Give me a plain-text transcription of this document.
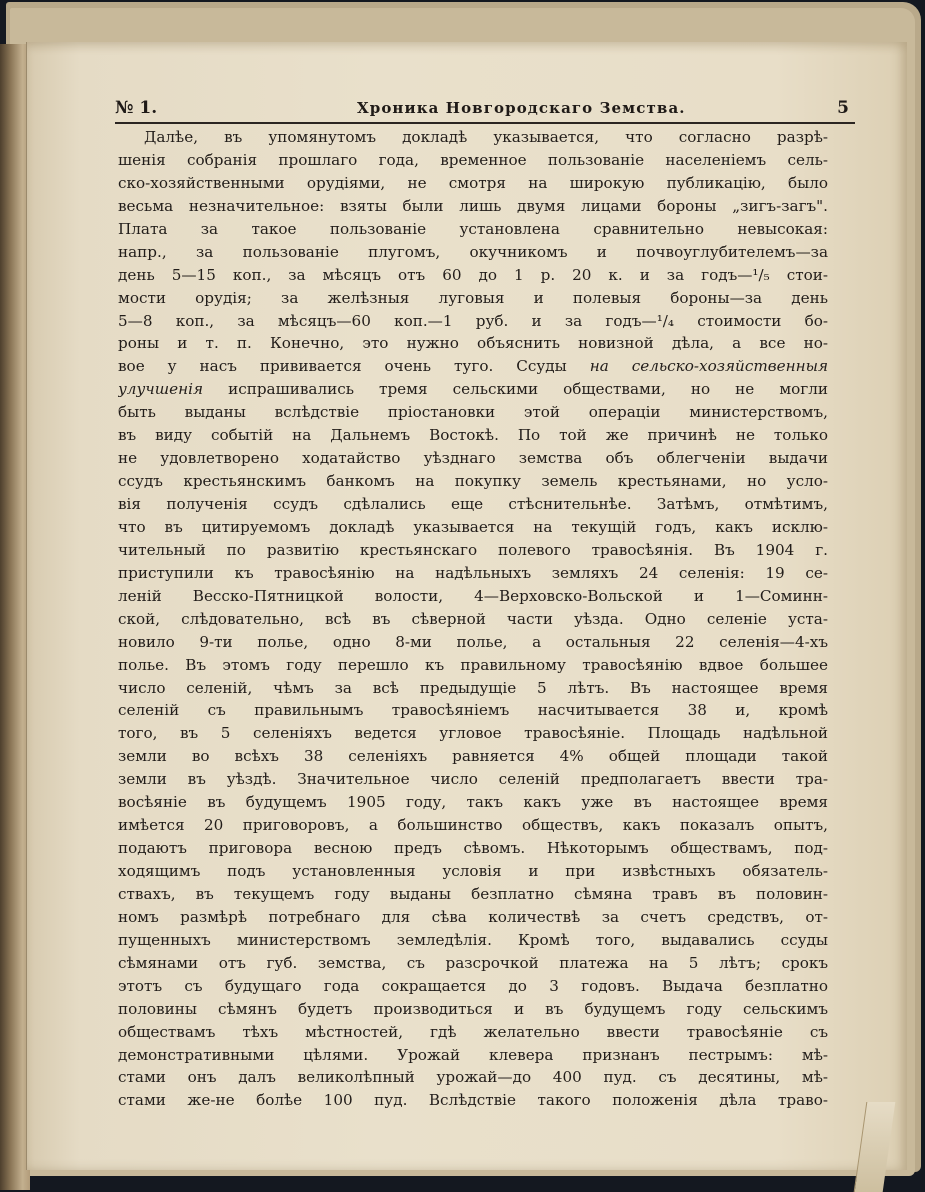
№ 1.	Хроника Новгородскаго Земства.	5
Далѣе, въ упомянутомъ докладѣ указывается, что согласно разрѣ-
шенія собранія прошлаго года, временное пользованіе населеніемъ сель-
ско-хозяйственными орудіями, не смотря на широкую публикацію, было
весьма незначительное: взяты были лишь двумя лицами бороны „зигъ-загъ".
Плата за такое пользованіе установлена сравнительно невысокая:
напр., за пользованіе плугомъ, окучникомъ и почвоуглубителемъ—за
день 5—15 коп., за мѣсяцъ отъ 60 до 1 р. 20 к. и за годъ—¹/₅ стои-
мости орудія; за желѣзныя луговыя и полевыя бороны—за день
5—8 коп., за мѣсяцъ—60 коп.—1 руб. и за годъ—¹/₄ стоимости бо-
роны и т. п. Конечно, это нужно объяснить новизной дѣла, а все но-
вое у насъ прививается очень туго. Ссуды на сельско-хозяйственныя
улучшенія испрашивались тремя сельскими обществами, но не могли
быть выданы вслѣдствіе пріостановки этой операціи министерствомъ,
въ виду событій на Дальнемъ Востокѣ. По той же причинѣ не только
не удовлетворено ходатайство уѣзднаго земства объ облегченіи выдачи
ссудъ крестьянскимъ банкомъ на покупку земель крестьянами, но усло-
вія полученія ссудъ сдѣлались еще стѣснительнѣе. Затѣмъ, отмѣтимъ,
что въ цитируемомъ докладѣ указывается на текущій годъ, какъ исклю-
чительный по развитію крестьянскаго полевого травосѣянія. Въ 1904 г.
приступили къ травосѣянію на надѣльныхъ земляхъ 24 селенія: 19 се-
леній Весско-Пятницкой волости, 4—Верховско-Вольской и 1—Соминн-
ской, слѣдовательно, всѣ въ сѣверной части уѣзда. Одно селеніе уста-
новило 9-ти полье, одно 8-ми полье, а остальныя 22 селенія—4-хъ
полье. Въ этомъ году перешло къ правильному травосѣянію вдвое большее
число селеній, чѣмъ за всѣ предыдущіе 5 лѣтъ. Въ настоящее время
селеній съ правильнымъ травосѣяніемъ насчитывается 38 и, кромѣ
того, въ 5 селеніяхъ ведется угловое травосѣяніе. Площадь надѣльной
земли во всѣхъ 38 селеніяхъ равняется 4% общей площади такой
земли въ уѣздѣ. Значительное число селеній предполагаетъ ввести тра-
восѣяніе въ будущемъ 1905 году, такъ какъ уже въ настоящее время
имѣется 20 приговоровъ, а большинство обществъ, какъ показалъ опытъ,
подаютъ приговора весною предъ сѣвомъ. Нѣкоторымъ обществамъ, под-
ходящимъ подъ установленныя условія и при извѣстныхъ обязатель-
ствахъ, въ текущемъ году выданы безплатно сѣмяна травъ въ половин-
номъ размѣрѣ потребнаго для сѣва количествѣ за счетъ средствъ, от-
пущенныхъ министерствомъ земледѣлія. Кромѣ того, выдавались ссуды
сѣмянами отъ губ. земства, съ разсрочкой платежа на 5 лѣтъ; срокъ
этотъ съ будущаго года сокращается до 3 годовъ. Выдача безплатно
половины сѣмянъ будетъ производиться и въ будущемъ году сельскимъ
обществамъ тѣхъ мѣстностей, гдѣ желательно ввести травосѣяніе съ
демонстративными цѣлями. Урожай клевера признанъ пестрымъ: мѣ-
стами онъ далъ великолѣпный урожай—до 400 пуд. съ десятины, мѣ-
стами же-не болѣе 100 пуд. Вслѣдствіе такого положенія дѣла траво-
